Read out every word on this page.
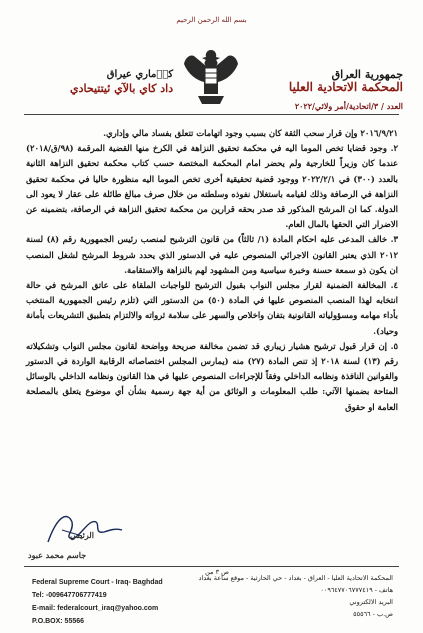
بسم الله الرحمن الرحيم
جمهورية العراق
المحكمة الاتحادية العليا
العدد / ٣/اتحادية/أمر ولائي/٢٠٢٢
كو٘ماري عيراق
داد كاي بالآي ئيتتيحادي

٢٠١٦/٩/٢١ وإن قرار سحب الثقة كان بسبب وجود اتهامات تتعلق بفساد مالي وإداري.

٢. وجود قضايا تخص الموما اليه في محكمة تحقيق النزاهة في الكرخ منها القضية المرقمة (٩٨/ق/٢٠١٨) عندما كان وزيراً للخارجية ولم يحضر امام المحكمة المختصة حسب كتاب محكمة تحقيق النزاهة الثانية بالعدد (٣٠٠) في ٢٠٢٢/٢/١ ووجود قضية تحقيقية أخرى تخص الموما اليه منظورة حاليا في محكمة تحقيق النزاهة في الرصافة وذلك لقيامه باستغلال نفوذه وسلطته من خلال صرف مبالغ طائلة على عقار لا يعود الى الدولة. كما ان المرشح المذكور قد صدر بحقه قرارين من محكمة تحقيق النزاهة في الرصافة، بتضمينه عن الاضرار التي الحقها بالمال العام.

٣. خالف المدعى عليه احكام المادة (١/ ثالثاً) من قانون الترشيح لمنصب رئيس الجمهورية رقم (٨) لسنة ٢٠١٢ الذي يعتبر القانون الاجرائي المنصوص عليه في الدستور الذي يحدد شروط المرشح لشغل المنصب ان يكون ذو سمعة حسنة وخبرة سياسية ومن المشهود لهم بالنزاهة والاستقامة.

٤. المخالفة الضمنية لقرار مجلس النواب بقبول الترشيح للواجبات الملقاة على عاتق المرشح في حالة انتخابه لهذا المنصب المنصوص عليها في المادة (٥٠) من الدستور التي (تلزم رئيس الجمهورية المنتخب بأداء مهامه ومسؤولياته القانونية بتفان واخلاص والسهر على سلامة ثرواته والالتزام بتطبيق التشريعات بأمانة وحياد).

٥. إن قرار قبول ترشيح هشيار زيباري قد تضمن مخالفة صريحة وواضحة لقانون مجلس النواب وتشكيلاته رقم (١٣) لسنة ٢٠١٨ إذ تنص المادة (٢٧) منه (يمارس المجلس اختصاصاته الرقابية الواردة في الدستور والقوانين النافذة ونظامه الداخلي وفقاً للإجراءات المنصوص عليها في هذا القانون ونظامه الداخلي بالوسائل المتاحة بضمنها الآتي: طلب المعلومات و الوثائق من أية جهة رسمية بشأن أي موضوع يتعلق بالمصلحة العامة او حقوق

الرئيس
جاسم محمد عبود
ص ٣ من
Federal Supreme Court - Iraq- Baghdad
Tel: -009647706777419
E-mail: federalcourt_iraq@yahoo.com
P.O.BOX: 55566
المحكمة الاتحادية العليا - العراق - بغداد - حي الحارثية - موقع ساعة بغداد
هاتف - ٠٠٩٦٤٧٧٠٦٧٧٧٤١٩
البريد الالكتروني
ص.ب - ٥٥٥٦٦
